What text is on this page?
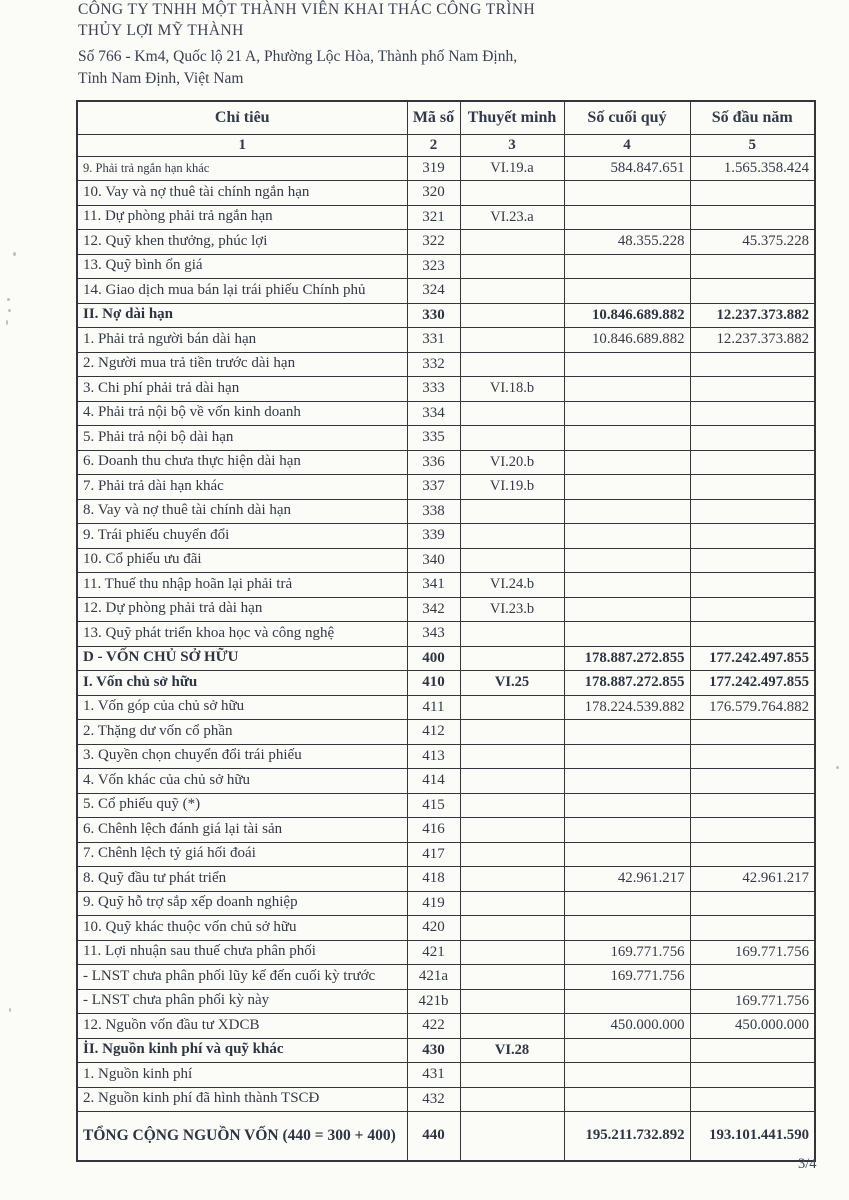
CÔNG TY TNHH MỘT THÀNH VIÊN KHAI THÁC CÔNG TRÌNH
THỦY LỢI MỸ THÀNH
Số 766 - Km4, Quốc lộ 21 A, Phường Lộc Hòa, Thành phố Nam Định,
Tỉnh Nam Định, Việt Nam
Chỉ tiêu	Mã số	Thuyết minh	Số cuối quý	Số đầu năm
1	2	3	4	5
9. Phải trả ngắn hạn khác	319	VI.19.a	584.847.651	1.565.358.424
10. Vay và nợ thuê tài chính ngắn hạn	320			
11. Dự phòng phải trả ngắn hạn	321	VI.23.a		
12. Quỹ khen thưởng, phúc lợi	322		48.355.228	45.375.228
13. Quỹ bình ổn giá	323			
14. Giao dịch mua bán lại trái phiếu Chính phủ	324			
II. Nợ dài hạn	330		10.846.689.882	12.237.373.882
1. Phải trả người bán dài hạn	331		10.846.689.882	12.237.373.882
2. Người mua trả tiền trước dài hạn	332			
3. Chi phí phải trả dài hạn	333	VI.18.b		
4. Phải trả nội bộ về vốn kinh doanh	334			
5. Phải trả nội bộ dài hạn	335			
6. Doanh thu chưa thực hiện dài hạn	336	VI.20.b		
7. Phải trả dài hạn khác	337	VI.19.b		
8. Vay và nợ thuê tài chính dài hạn	338			
9. Trái phiếu chuyển đổi	339			
10. Cổ phiếu ưu đãi	340			
11. Thuế thu nhập hoãn lại phải trả	341	VI.24.b		
12. Dự phòng phải trả dài hạn	342	VI.23.b		
13. Quỹ phát triển khoa học và công nghệ	343			
D - VỐN CHỦ SỞ HỮU	400		178.887.272.855	177.242.497.855
I. Vốn chủ sở hữu	410	VI.25	178.887.272.855	177.242.497.855
1. Vốn góp của chủ sở hữu	411		178.224.539.882	176.579.764.882
2. Thặng dư vốn cổ phần	412			
3. Quyền chọn chuyển đổi trái phiếu	413			
4. Vốn khác của chủ sở hữu	414			
5. Cổ phiếu quỹ (*)	415			
6. Chênh lệch đánh giá lại tài sản	416			
7. Chênh lệch tỷ giá hối đoái	417			
8. Quỹ đầu tư phát triển	418		42.961.217	42.961.217
9. Quỹ hỗ trợ sắp xếp doanh nghiệp	419			
10. Quỹ khác thuộc vốn chủ sở hữu	420			
11. Lợi nhuận sau thuế chưa phân phối	421		169.771.756	169.771.756
- LNST chưa phân phối lũy kế đến cuối kỳ trước	421a		169.771.756	
- LNST chưa phân phối kỳ này	421b			169.771.756
12. Nguồn vốn đầu tư XDCB	422		450.000.000	450.000.000
İI. Nguồn kinh phí và quỹ khác	430	VI.28		
1. Nguồn kinh phí	431			
2. Nguồn kinh phí đã hình thành TSCĐ	432			
TỔNG CỘNG NGUỒN VỐN (440 = 300 + 400)	440		195.211.732.892	193.101.441.590
3/4
